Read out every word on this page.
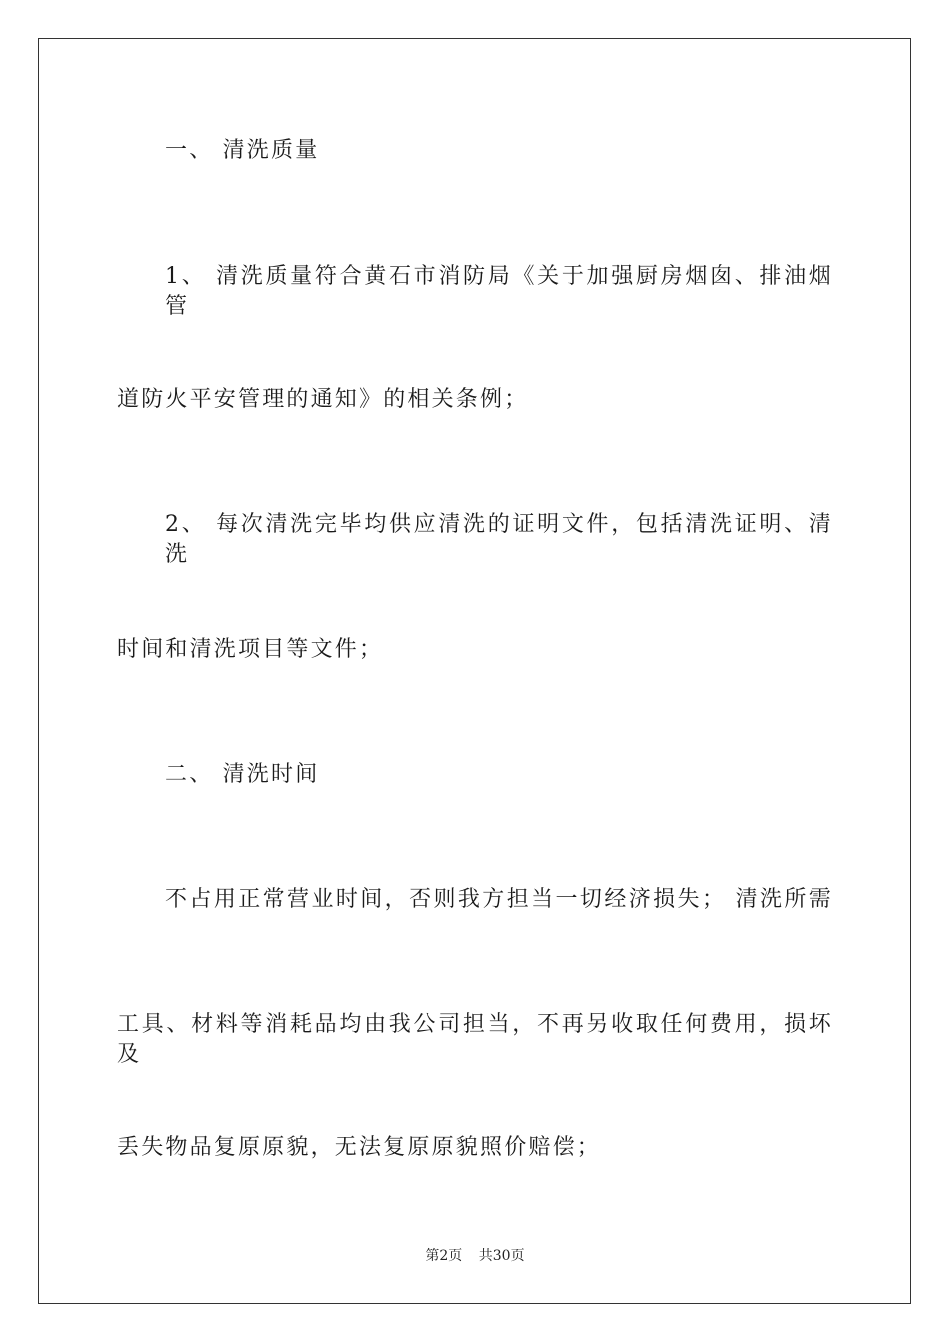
一、 清洗质量
1、 清洗质量符合黄石市消防局《关于加强厨房烟囱、排油烟管
道防火平安管理的通知》的相关条例；
2、 每次清洗完毕均供应清洗的证明文件，包括清洗证明、清洗
时间和清洗项目等文件；
二、 清洗时间
不占用正常营业时间，否则我方担当一切经济损失； 清洗所需
工具、材料等消耗品均由我公司担当，不再另收取任何费用，损坏及
丢失物品复原原貌，无法复原原貌照价赔偿；
第2页 共30页
